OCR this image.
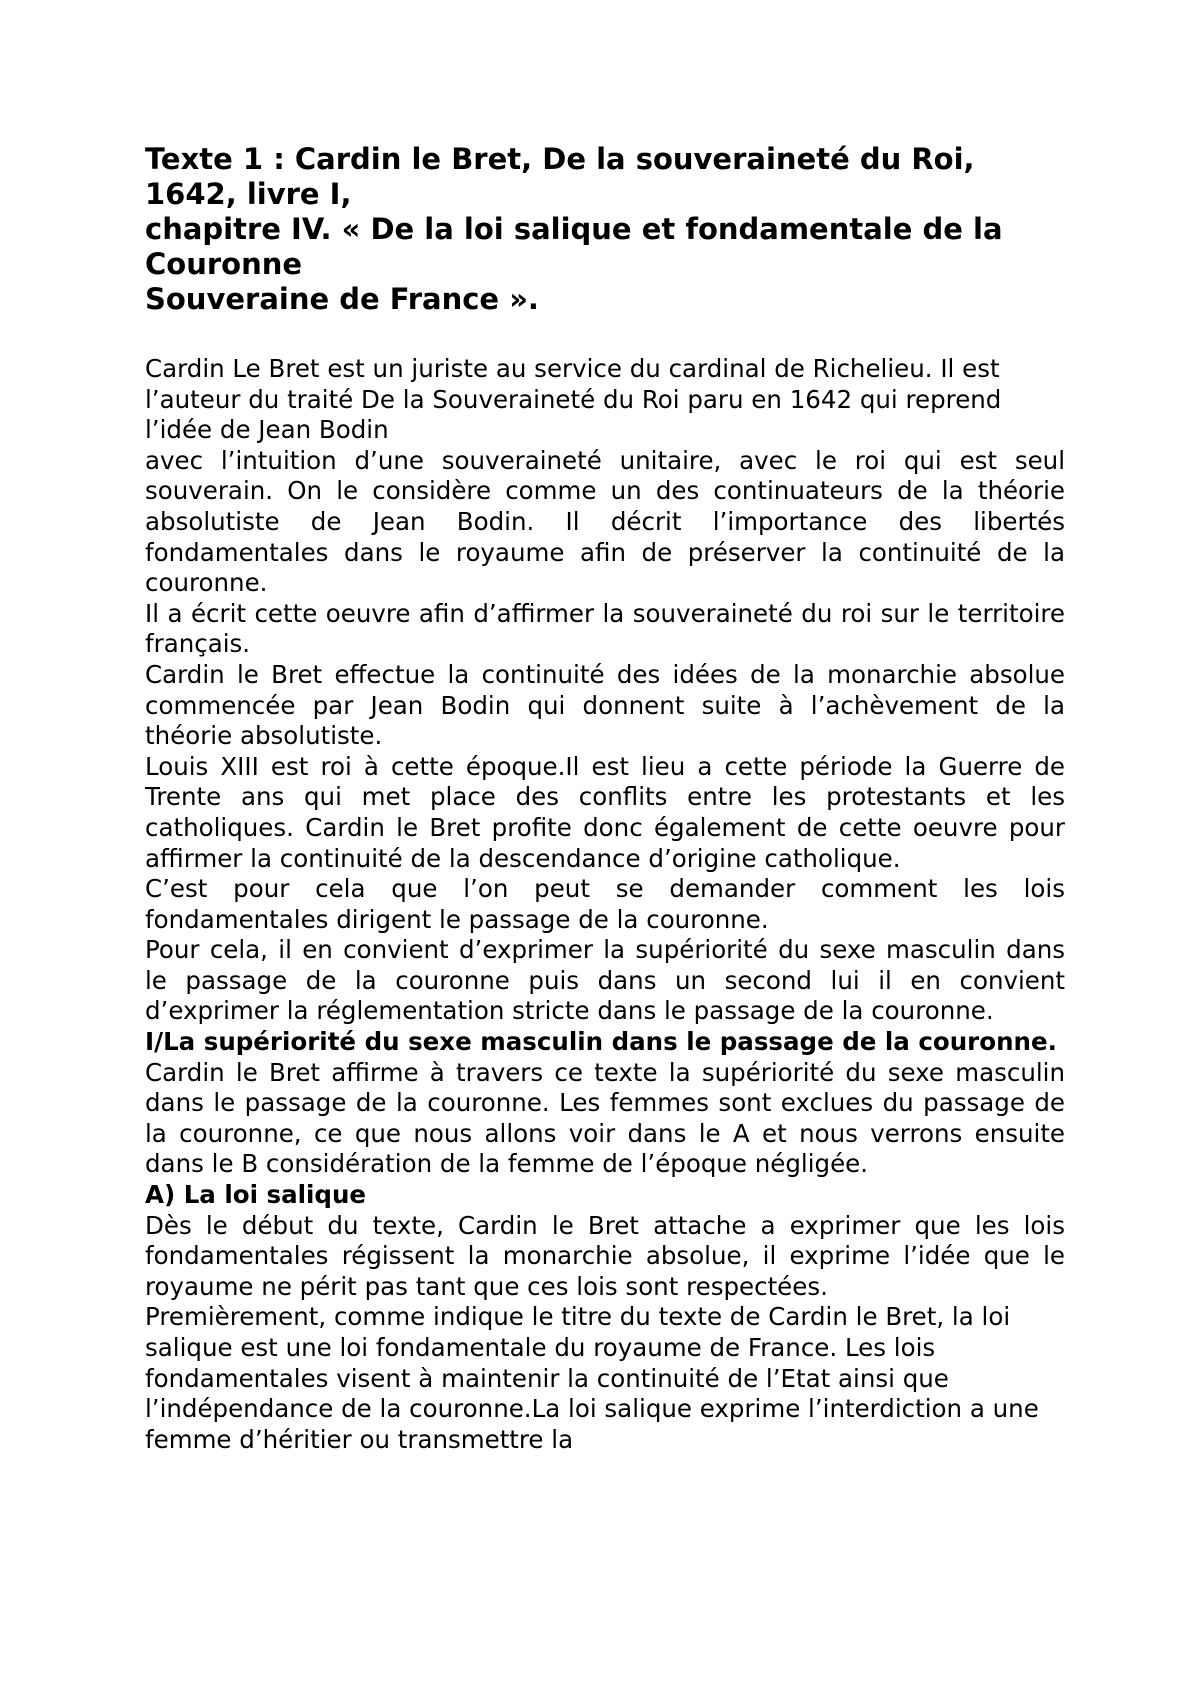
Texte 1 : Cardin le Bret, De la souveraineté du Roi, 1642, livre I,
chapitre IV. « De la loi salique et fondamentale de la Couronne
Souveraine de France ».

Cardin Le Bret est un juriste au service du cardinal de Richelieu. Il est l’auteur du traité De la Souveraineté du Roi paru en 1642 qui reprend l’idée de Jean Bodin

avec l’intuition d’une souveraineté unitaire, avec le roi qui est seul souverain. On le considère comme un des continuateurs de la théorie absolutiste de Jean Bodin. Il décrit l’importance des libertés fondamentales dans le royaume afin de préserver la continuité de la couronne.

Il a écrit cette oeuvre afin d’affirmer la souveraineté du roi sur le territoire français.

Cardin le Bret effectue la continuité des idées de la monarchie absolue commencée par Jean Bodin qui donnent suite à l’achèvement de la théorie absolutiste.

Louis XIII est roi à cette époque.Il est lieu a cette période la Guerre de Trente ans qui met place des conflits entre les protestants et les catholiques. Cardin le Bret profite donc également de cette oeuvre pour affirmer la continuité de la descendance d’origine catholique.

C’est pour cela que l’on peut se demander comment les lois fondamentales dirigent le passage de la couronne.

Pour cela, il en convient d’exprimer la supériorité du sexe masculin dans le passage de la couronne puis dans un second lui il en convient d’exprimer la réglementation stricte dans le passage de la couronne.

I/La supériorité du sexe masculin dans le passage de la couronne.

Cardin le Bret affirme à travers ce texte la supériorité du sexe masculin dans le passage de la couronne. Les femmes sont exclues du passage de la couronne, ce que nous allons voir dans le A et nous verrons ensuite dans le B considération de la femme de l’époque négligée.

A) La loi salique

Dès le début du texte, Cardin le Bret attache a exprimer que les lois fondamentales régissent la monarchie absolue, il exprime l’idée que le royaume ne périt pas tant que ces lois sont respectées.

Premièrement, comme indique le titre du texte de Cardin le Bret, la loi salique est une loi fondamentale du royaume de France. Les lois fondamentales visent à maintenir la continuité de l’Etat ainsi que l’indépendance de la couronne.La loi salique exprime l’interdiction a une femme d’héritier ou transmettre la
